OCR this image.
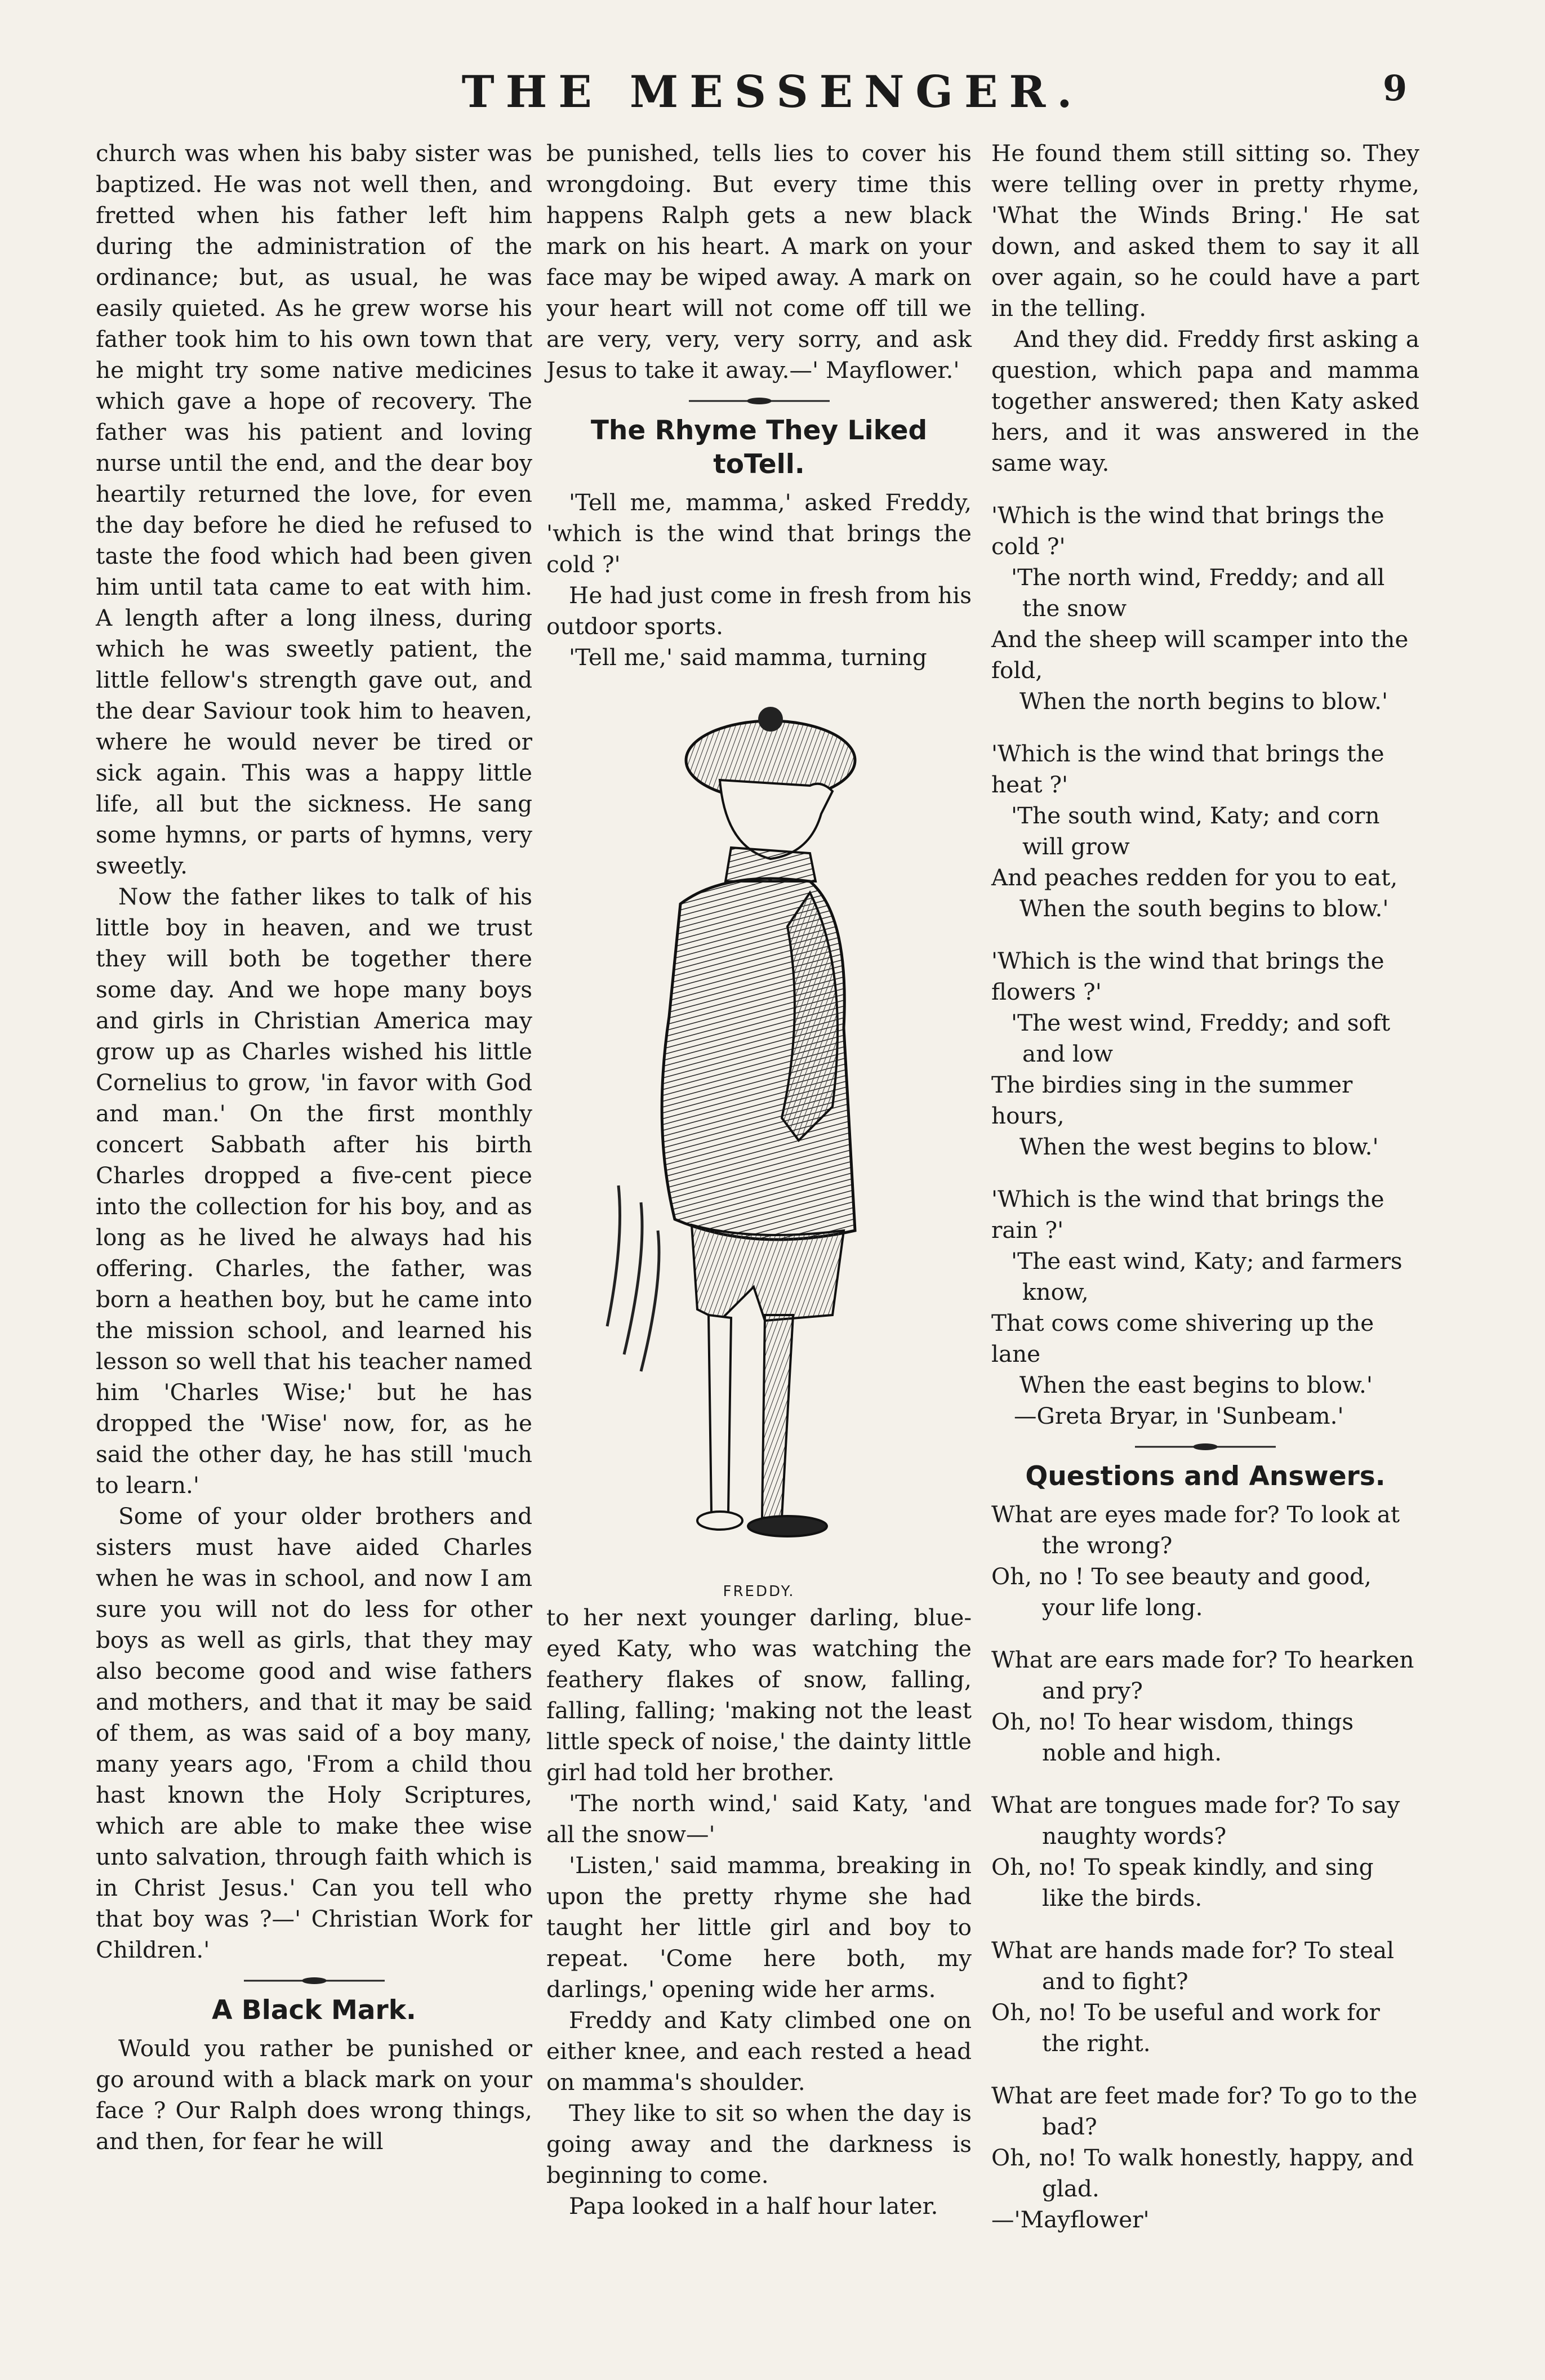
THE MESSENGER.	9

church was when his baby sister was baptized. He was not well then, and fretted when his father left him during the administration of the ordinance; but, as usual, he was easily quieted. As he grew worse his father took him to his own town that he might try some native medicines which gave a hope of recovery. The father was his patient and loving nurse until the end, and the dear boy heartily returned the love, for even the day before he died he refused to taste the food which had been given him until tata came to eat with him. A length after a long ilness, during which he was sweetly patient, the little fellow's strength gave out, and the dear Saviour took him to heaven, where he would never be tired or sick again. This was a happy little life, all but the sickness. He sang some hymns, or parts of hymns, very sweetly.

Now the father likes to talk of his little boy in heaven, and we trust they will both be together there some day. And we hope many boys and girls in Christian America may grow up as Charles wished his little Cornelius to grow, 'in favor with God and man.' On the first monthly concert Sabbath after his birth Charles dropped a five-cent piece into the collection for his boy, and as long as he lived he always had his offering. Charles, the father, was born a heathen boy, but he came into the mission school, and learned his lesson so well that his teacher named him 'Charles Wise;' but he has dropped the 'Wise' now, for, as he said the other day, he has still 'much to learn.'

Some of your older brothers and sisters must have aided Charles when he was in school, and now I am sure you will not do less for other boys as well as girls, that they may also become good and wise fathers and mothers, and that it may be said of them, as was said of a boy many, many years ago, 'From a child thou hast known the Holy Scriptures, which are able to make thee wise unto salvation, through faith which is in Christ Jesus.' Can you tell who that boy was ?—' Christian Work for Children.'

A Black Mark.

Would you rather be punished or go around with a black mark on your face ? Our Ralph does wrong things, and then, for fear he will

be punished, tells lies to cover his wrongdoing. But every time this happens Ralph gets a new black mark on his heart. A mark on your face may be wiped away. A mark on your heart will not come off till we are very, very, very sorry, and ask Jesus to take it away.—' Mayflower.'

The Rhyme They Liked toTell.

'Tell me, mamma,' asked Freddy, 'which is the wind that brings the cold ?'

He had just come in fresh from his outdoor sports.

'Tell me,' said mamma, turning

FREDDY.

to her next younger darling, blue-eyed Katy, who was watching the feathery flakes of snow, falling, falling, falling; 'making not the least little speck of noise,' the dainty little girl had told her brother.

'The north wind,' said Katy, 'and all the snow—'

'Listen,' said mamma, breaking in upon the pretty rhyme she had taught her little girl and boy to repeat. 'Come here both, my darlings,' opening wide her arms.

Freddy and Katy climbed one on either knee, and each rested a head on mamma's shoulder.

They like to sit so when the day is going away and the darkness is beginning to come.

Papa looked in a half hour later.

He found them still sitting so. They were telling over in pretty rhyme, 'What the Winds Bring.' He sat down, and asked them to say it all over again, so he could have a part in the telling.

And they did. Freddy first asking a question, which papa and mamma together answered; then Katy asked hers, and it was answered in the same way.

'Which is the wind that brings the cold ?'

'The north wind, Freddy; and all the snow

And the sheep will scamper into the fold,

When the north begins to blow.'

'Which is the wind that brings the heat ?'

'The south wind, Katy; and corn will grow

And peaches redden for you to eat,

When the south begins to blow.'

'Which is the wind that brings the flowers ?'

'The west wind, Freddy; and soft and low

The birdies sing in the summer hours,

When the west begins to blow.'

'Which is the wind that brings the rain ?'

'The east wind, Katy; and farmers know,

That cows come shivering up the lane

When the east begins to blow.'

—Greta Bryar, in 'Sunbeam.'

Questions and Answers.

What are eyes made for? To look at the wrong?

Oh, no ! To see beauty and good, your life long.

What are ears made for? To hearken and pry?

Oh, no! To hear wisdom, things noble and high.

What are tongues made for? To say naughty words?

Oh, no! To speak kindly, and sing like the birds.

What are hands made for? To steal and to fight?

Oh, no! To be useful and work for the right.

What are feet made for? To go to the bad?

Oh, no! To walk honestly, happy, and glad.

—'Mayflower'
